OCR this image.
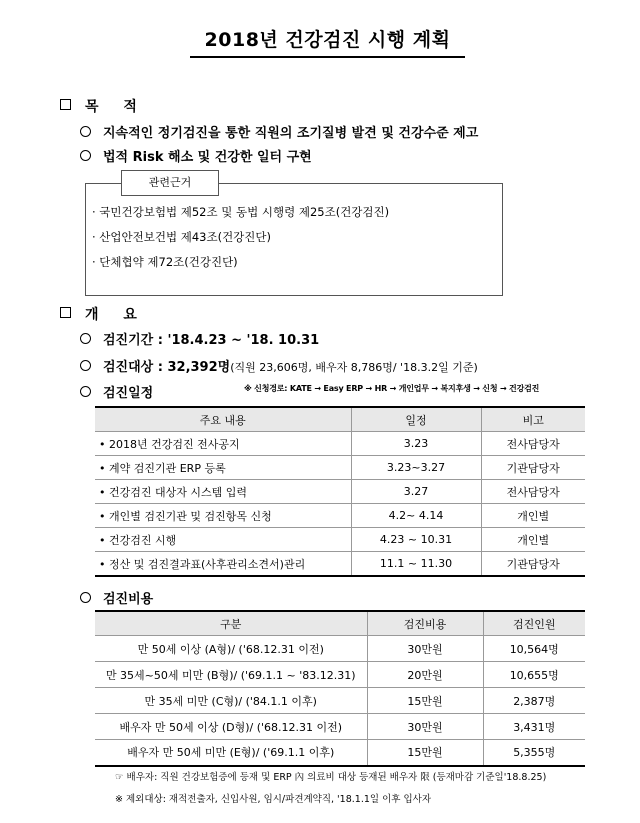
2018년 건강검진 시행 계획
목 적
지속적인 정기검진을 통한 직원의 조기질병 발견 및 건강수준 제고
법적 Risk 해소 및 건강한 일터 구현
관련근거
· 국민건강보험법 제52조 및 동법 시행령 제25조(건강검진)
· 산업안전보건법 제43조(건강진단)
· 단체협약 제72조(건강진단)
개 요
검진기간 : '18.4.23 ~ '18. 10.31
검진대상 : 32,392명(직원 23,606명, 배우자 8,786명/ '18.3.2일 기준)
검진일정	※ 신청경로: KATE → Easy ERP → HR → 개인업무 → 복지후생 → 신청 → 건강검진
주요 내용	일정	비고
• 2018년 건강검진 전사공지	3.23	전사담당자
• 계약 검진기관 ERP 등록	3.23~3.27	기관담당자
• 건강검진 대상자 시스템 입력	3.27	전사담당자
• 개인별 검진기관 및 검진항목 신청	4.2~ 4.14	개인별
• 건강검진 시행	4.23 ~ 10.31	개인별
• 정산 및 검진결과표(사후관리소견서)관리	11.1 ~ 11.30	기관담당자
검진비용
구분	검진비용	검진인원
만 50세 이상 (A형)/ ('68.12.31 이전)	30만원	10,564명
만 35세~50세 미만 (B형)/ ('69.1.1 ~ '83.12.31)	20만원	10,655명
만 35세 미만 (C형)/ ('84.1.1 이후)	15만원	2,387명
배우자 만 50세 이상 (D형)/ ('68.12.31 이전)	30만원	3,431명
배우자 만 50세 미만 (E형)/ ('69.1.1 이후)	15만원	5,355명
☞ 배우자: 직원 건강보험증에 등재 및 ERP 內 의료비 대상 등재된 배우자 限 (등재마감 기준일'18.8.25)
※ 제외대상: 재적전출자, 신입사원, 임시/파견계약직, '18.1.1일 이후 입사자
